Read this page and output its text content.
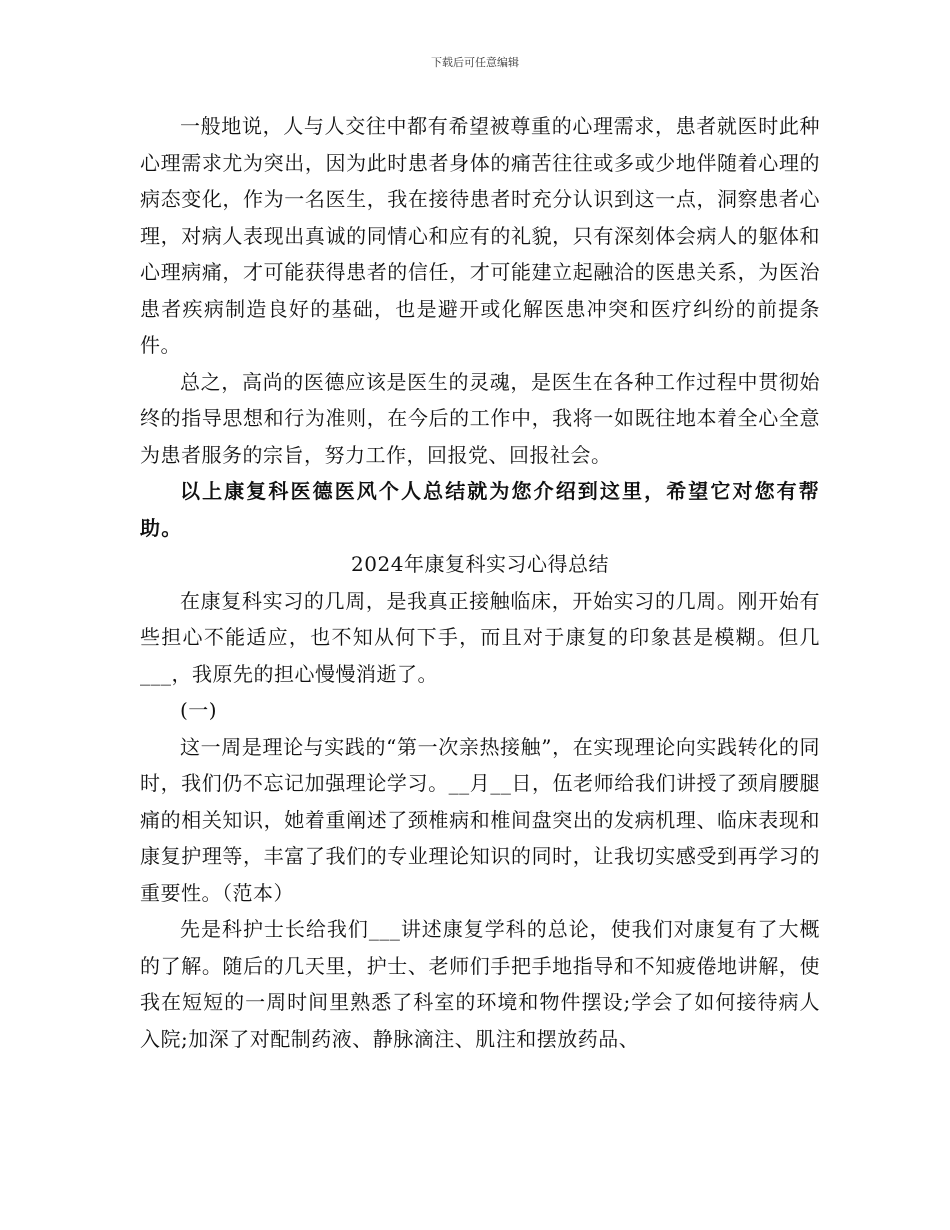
下载后可任意编辑

一般地说，人与人交往中都有希望被尊重的心理需求，患者就医时此种心理需求尤为突出，因为此时患者身体的痛苦往往或多或少地伴随着心理的病态变化，作为一名医生，我在接待患者时充分认识到这一点，洞察患者心理，对病人表现出真诚的同情心和应有的礼貌，只有深刻体会病人的躯体和心理病痛，才可能获得患者的信任，才可能建立起融洽的医患关系，为医治患者疾病制造良好的基础，也是避开或化解医患冲突和医疗纠纷的前提条件。

总之，高尚的医德应该是医生的灵魂，是医生在各种工作过程中贯彻始终的指导思想和行为准则，在今后的工作中，我将一如既往地本着全心全意为患者服务的宗旨，努力工作，回报党、回报社会。

以上康复科医德医风个人总结就为您介绍到这里，希望它对您有帮助。

2024年康复科实习心得总结

在康复科实习的几周，是我真正接触临床，开始实习的几周。刚开始有些担心不能适应，也不知从何下手，而且对于康复的印象甚是模糊。但几___，我原先的担心慢慢消逝了。

(一)

这一周是理论与实践的“第一次亲热接触”，在实现理论向实践转化的同时，我们仍不忘记加强理论学习。__月__日，伍老师给我们讲授了颈肩腰腿痛的相关知识，她着重阐述了颈椎病和椎间盘突出的发病机理、临床表现和康复护理等，丰富了我们的专业理论知识的同时，让我切实感受到再学习的重要性。（范本）

先是科护士长给我们___讲述康复学科的总论，使我们对康复有了大概的了解。随后的几天里，护士、老师们手把手地指导和不知疲倦地讲解，使我在短短的一周时间里熟悉了科室的环境和物件摆设;学会了如何接待病人入院;加深了对配制药液、静脉滴注、肌注和摆放药品、
